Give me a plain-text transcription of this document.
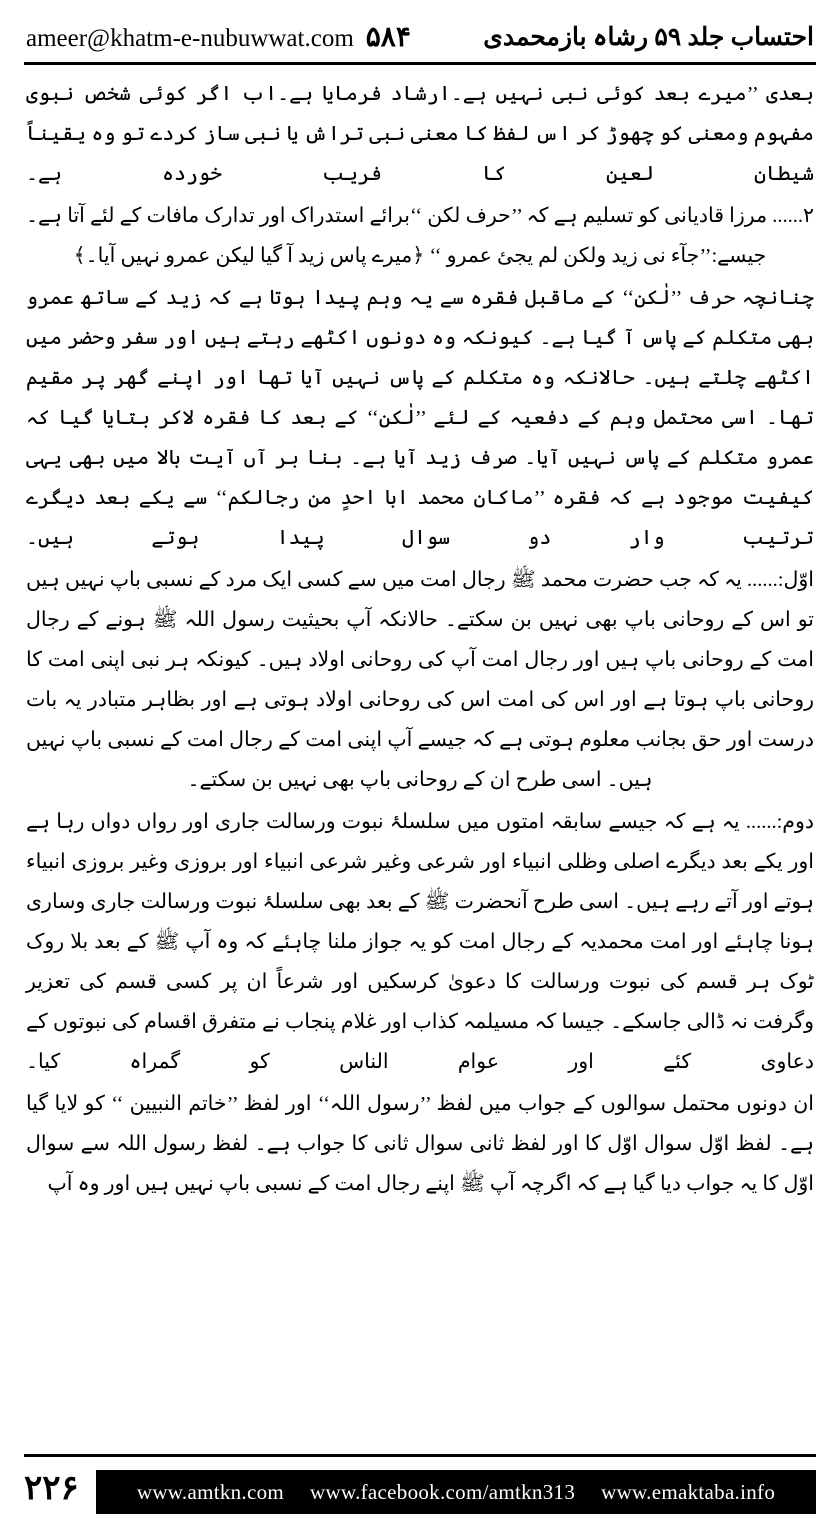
احتساب جلد ۵۹ رشاہ بازمحمدی
ameer@khatm-e-nubuwwat.com ۵۸۴

بعدی ’’میرے بعد کوئی نبی نہیں ہے۔ارشاد فرمایا ہے۔اب اگر کوئی شخص نبوی مفہوم ومعنی کو چھوڑ کر اس لفظ کا معنی نبی تراش یا نبی ساز کردے تو وہ یقیناً شیطان لعین کا فریب خوردہ ہے۔

۲...... مرزا قادیانی کو تسلیم ہے کہ ’’حرف لکن ‘‘برائے استدراک اور تدارک مافات کے لئے آتا ہے۔جیسے:’’جآء نی زید ولکن لم یجئ عمرو ‘‘ ﴿میرے پاس زید آ گیا لیکن عمرو نہیں آیا۔﴾

چنانچہ حرف ’’لٰکن‘‘ کے ماقبل فقرہ سے یہ وہم پیدا ہوتا ہے کہ زید کے ساتھ عمرو بھی متکلم کے پاس آ گیا ہے۔ کیونکہ وہ دونوں اکٹھے رہتے ہیں اور سفر وحضر میں اکٹھے چلتے ہیں۔ حالانکہ وہ متکلم کے پاس نہیں آیا تھا اور اپنے گھر پر مقیم تھا۔ اسی محتمل وہم کے دفعیہ کے لئے ’’لٰکن‘‘ کے بعد کا فقرہ لاکر بتایا گیا کہ عمرو متکلم کے پاس نہیں آیا۔ صرف زید آیا ہے۔ بنا بر آں آیت بالا میں بھی یہی کیفیت موجود ہے کہ فقرہ ’’ماکان محمد ابا احدٍ من رجالکم‘‘ سے یکے بعد دیگرے ترتیب وار دو سوال پیدا ہوتے ہیں۔

اوّل:...... یہ کہ جب حضرت محمد ﷺ رجال امت میں سے کسی ایک مرد کے نسبی باپ نہیں ہیں تو اس کے روحانی باپ بھی نہیں بن سکتے۔ حالانکہ آپ بحیثیت رسول اللہ ﷺ ہونے کے رجال امت کے روحانی باپ ہیں اور رجال امت آپ کی روحانی اولاد ہیں۔ کیونکہ ہر نبی اپنی امت کا روحانی باپ ہوتا ہے اور اس کی امت اس کی روحانی اولاد ہوتی ہے اور بظاہر متبادر یہ بات درست اور حق بجانب معلوم ہوتی ہے کہ جیسے آپ اپنی امت کے رجال امت کے نسبی باپ نہیں ہیں۔ اسی طرح ان کے روحانی باپ بھی نہیں بن سکتے۔

دوم:...... یہ ہے کہ جیسے سابقہ امتوں میں سلسلۂ نبوت ورسالت جاری اور رواں دواں رہا ہے اور یکے بعد دیگرے اصلی وظلی انبیاء اور شرعی وغیر شرعی انبیاء اور بروزی وغیر بروزی انبیاء ہوتے اور آتے رہے ہیں۔ اسی طرح آنحضرت ﷺ کے بعد بھی سلسلۂ نبوت ورسالت جاری وساری ہونا چاہئے اور امت محمدیہ کے رجال امت کو یہ جواز ملنا چاہئے کہ وہ آپ ﷺ کے بعد بلا روک ٹوک ہر قسم کی نبوت ورسالت کا دعویٰ کرسکیں اور شرعاً ان پر کسی قسم کی تعزیر وگرفت نہ ڈالی جاسکے۔ جیسا کہ مسیلمہ کذاب اور غلام پنجاب نے متفرق اقسام کی نبوتوں کے دعاوی کئے اور عوام الناس کو گمراہ کیا۔

ان دونوں محتمل سوالوں کے جواب میں لفظ ’’رسول اللہ‘‘ اور لفظ ’’خاتم النبیین ‘‘ کو لایا گیا ہے۔ لفظ اوّل سوال اوّل کا اور لفظ ثانی سوال ثانی کا جواب ہے۔ لفظ رسول اللہ سے سوال اوّل کا یہ جواب دیا گیا ہے کہ اگرچہ آپ ﷺ اپنے رجال امت کے نسبی باپ نہیں ہیں اور وہ آپ

۲۲۶	www.amtkn.com www.facebook.com/amtkn313 www.emaktaba.info
